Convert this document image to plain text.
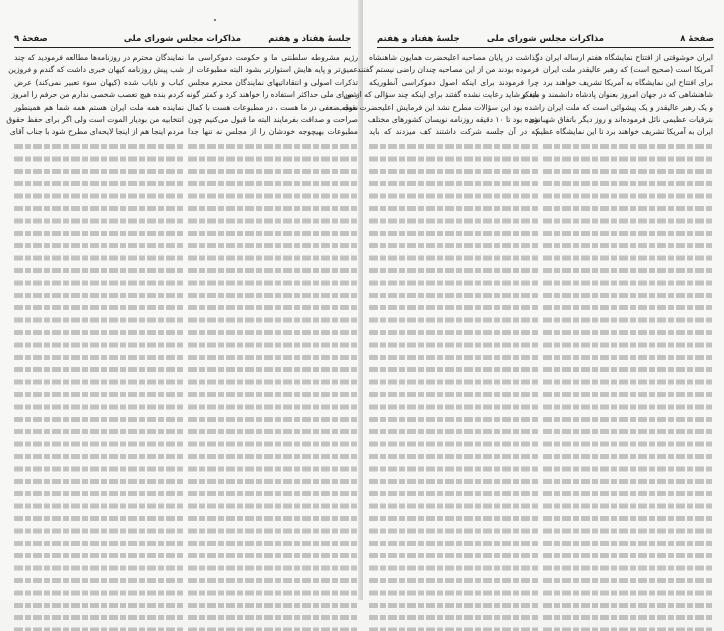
صفحهٔ ۹	مذاکرات مجلس شورای ملی	جلسهٔ هفتاد و هفتم
رژیم مشروطه سلطنتی ما و حکومت دموکراسی ما
عمیق‌تر و پایه هایش استوارتر بشود البته مطبوعات از
تذکرات اصولی و انتقاداتیهای نمایندگان محترم مجلس
شورای ملی حداکثر استفاده را خواهند کرد و کمتر گونه
نقطه ضعفی در ما هست ، در مطبوعات هست با کمال
صراحت و صداقت بفرمایند البته ما قبول می‌کنیم چون
مطبوعات بهیچوجه خودشان را از مجلس نه تنها جدا
نمایندگان محترم در روزنامه‌ها مطالعه فرمودید که چند
شب پیش روزنامه کیهان خبری داشت که گندم و فروزین
کباب و نایاب شده (کیهان سوء تعبیر نمی‌کند) عرض
کردم بنده هیچ تعصب شخصی ندارم من حرفم را امروز
نماینده همه ملت ایران هستم همه شما هم همینطور
انتخابیه من بودیار الموت است ولی اگر برای حفظ حقوق
مردم اینجا هم از اینجا لایحه‌ای مطرح شود با جناب آقای
صفحهٔ ۸
مذاکرات مجلس شورای ملی
جلسهٔ هفتاد و هفتم
ایران خوشوقتی از افتتاح نمایشگاه هفتم ارساله ایران در
آمریکا است (صحیح است) که رهبر عالیقدر ملت ایران
برای افتتاح این نمایشگاه به آمریکا تشریف خواهند برد
شاهنشاهی که در جهان امروز بعنوان پادشاه دانشمند و متفکر
و یک رهبر عالیقدر و یک پیشوائی است که ملت ایران را
بترقیات عظیمی نائل فرموده‌اند و روز دیگر باتفاق شهبانوی
ایران به آمریکا تشریف خواهند برد تا این نمایشگاه عظیم
گذاشت در پایان مصاحبه اعلیحضرت همایون شاهنشاه
فرموده بودند من از این مصاحبه چندان راضی نیستم گفتند
چرا فرمودند برای اینکه اصول دموکراسی آنطوریکه
باید و شاید رعایت نشده گفتند برای اینکه چند سؤالی که از من
شده بود این سؤالات مطرح نشد این فرمایش اعلیحضرت موجب
شده بود تا ۱۰ دقیقه روزنامه نویسان کشورهای مختلف
که در آن جلسه شرکت داشتند کف میزدند که باید
